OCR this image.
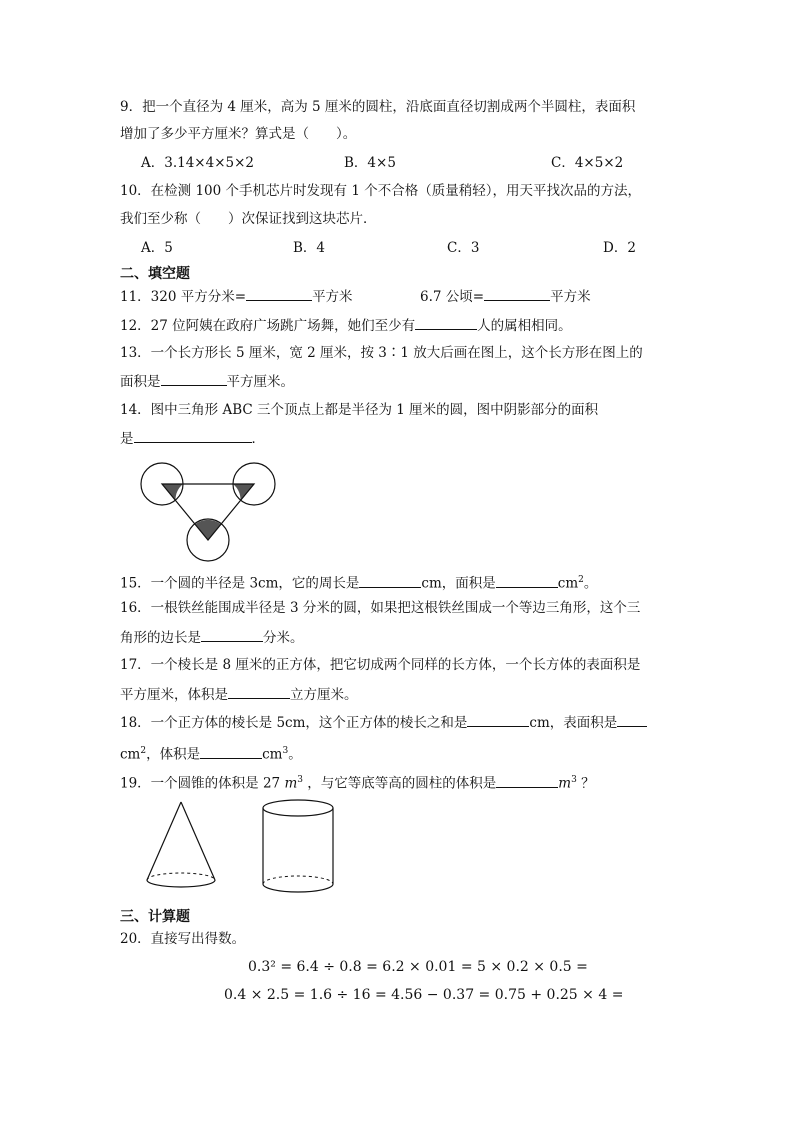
9．把一个直径为 4 厘米，高为 5 厘米的圆柱，沿底面直径切割成两个半圆柱，表面积
增加了多少平方厘米？算式是（　　）。
A．3.14×4×5×2	B．4×5	C．4×5×2
10．在检测 100 个手机芯片时发现有 1 个不合格（质量稍轻），用天平找次品的方法，
我们至少称（　　）次保证找到这块芯片．
A．5	B．4	C．3	D．2
二、填空题
11．320 平方分米=	平方米	6.7 公顷=	平方米
12．27 位阿姨在政府广场跳广场舞，她们至少有	人的属相相同。
13．一个长方形长 5 厘米，宽 2 厘米，按 3∶1 放大后画在图上，这个长方形在图上的
面积是	平方厘米。
14．图中三角形 ABC 三个顶点上都是半径为 1 厘米的圆，图中阴影部分的面积
是	．
15．一个圆的半径是 3cm，它的周长是	cm，面积是	$cm^2$。
16．一根铁丝能围成半径是 3 分米的圆，如果把这根铁丝围成一个等边三角形，这个三
角形的边长是	分米。
17．一个棱长是 8 厘米的正方体，把它切成两个同样的长方体，一个长方体的表面积是
平方厘米，体积是	立方厘米。
18．一个正方体的棱长是 5cm，这个正方体的棱长之和是	cm，表面积是
$cm^2$，体积是	$cm^3$。
19．一个圆锥的体积是 27 $m^3$ ，与它等底等高的圆柱的体积是	$m^3$ ？
三、计算题
20．直接写出得数。
0.3² = 6.4 ÷ 0.8 = 6.2 × 0.01 = 5 × 0.2 × 0.5 =
0.4 × 2.5 = 1.6 ÷ 16 = 4.56 − 0.37 = 0.75 + 0.25 × 4 =
